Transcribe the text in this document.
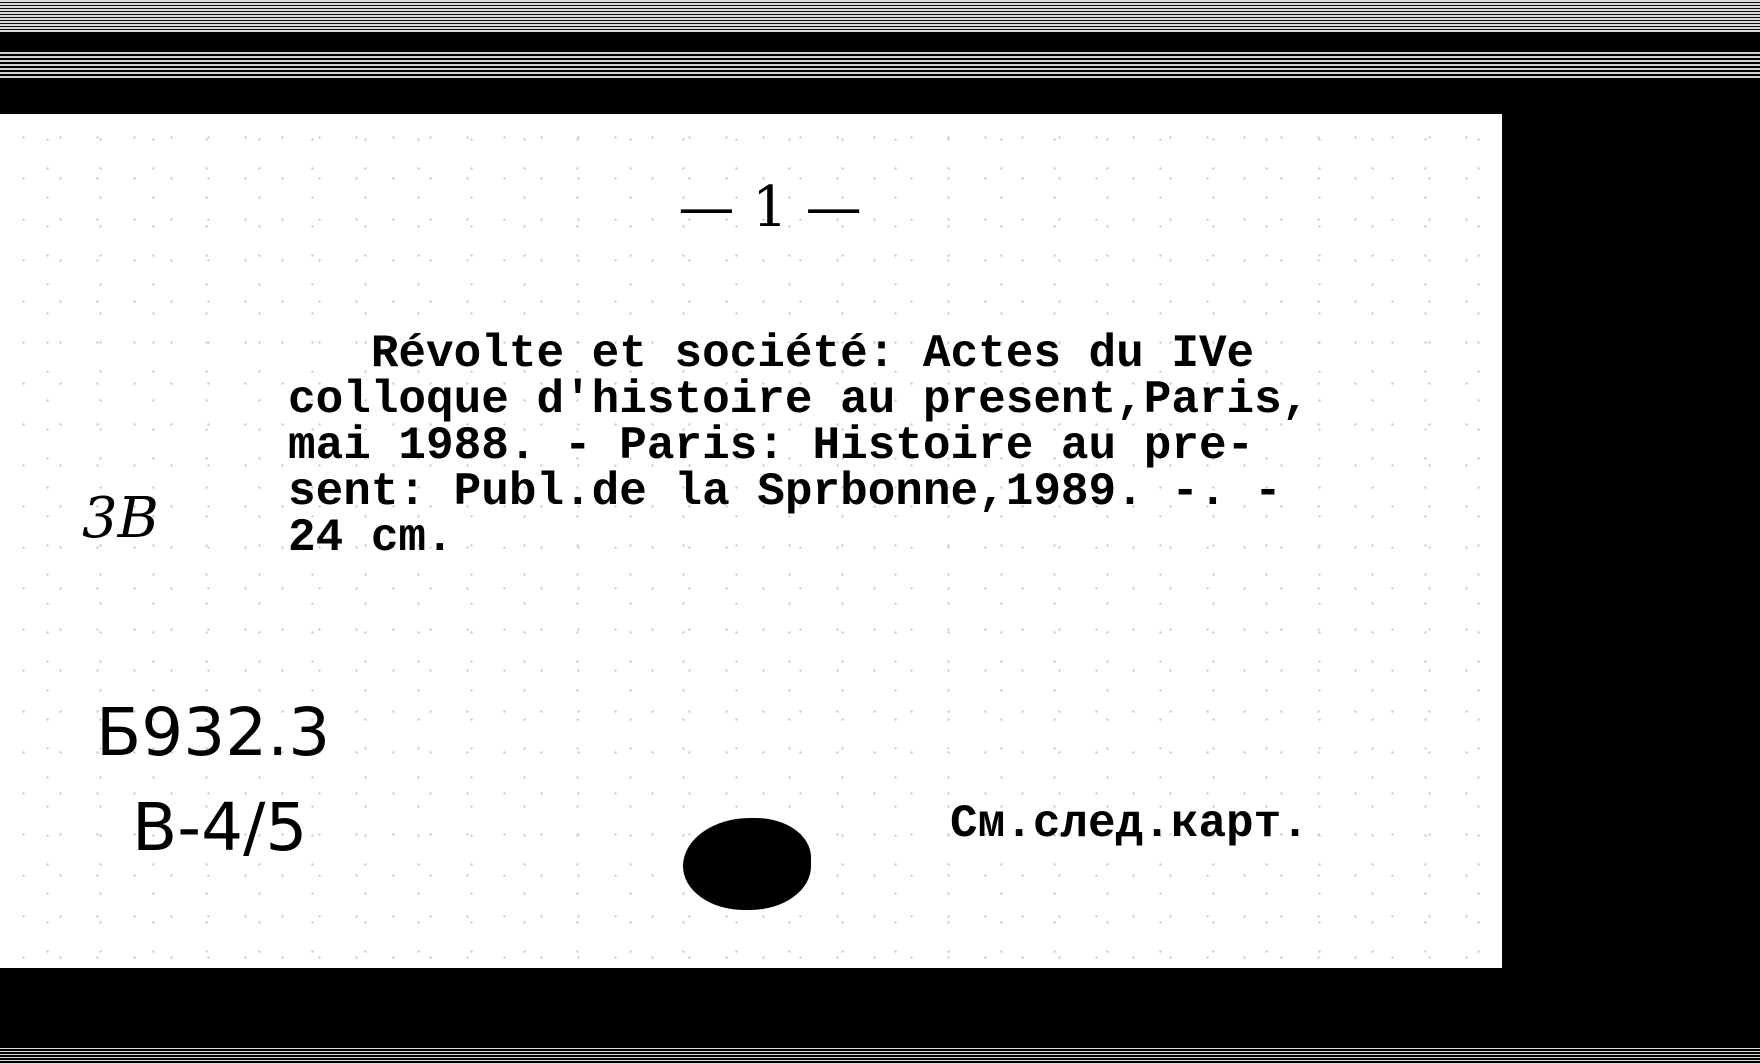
— 1 —
Révolte et société: Actes du IVe
colloque d'histoire au present,Paris,
mai 1988. - Paris: Histoire au pre-
sent: Publ.de la Sprbonne,1989. -. -
24 cm.
3В
Б932.3
В-4/5	См.след.карт.
